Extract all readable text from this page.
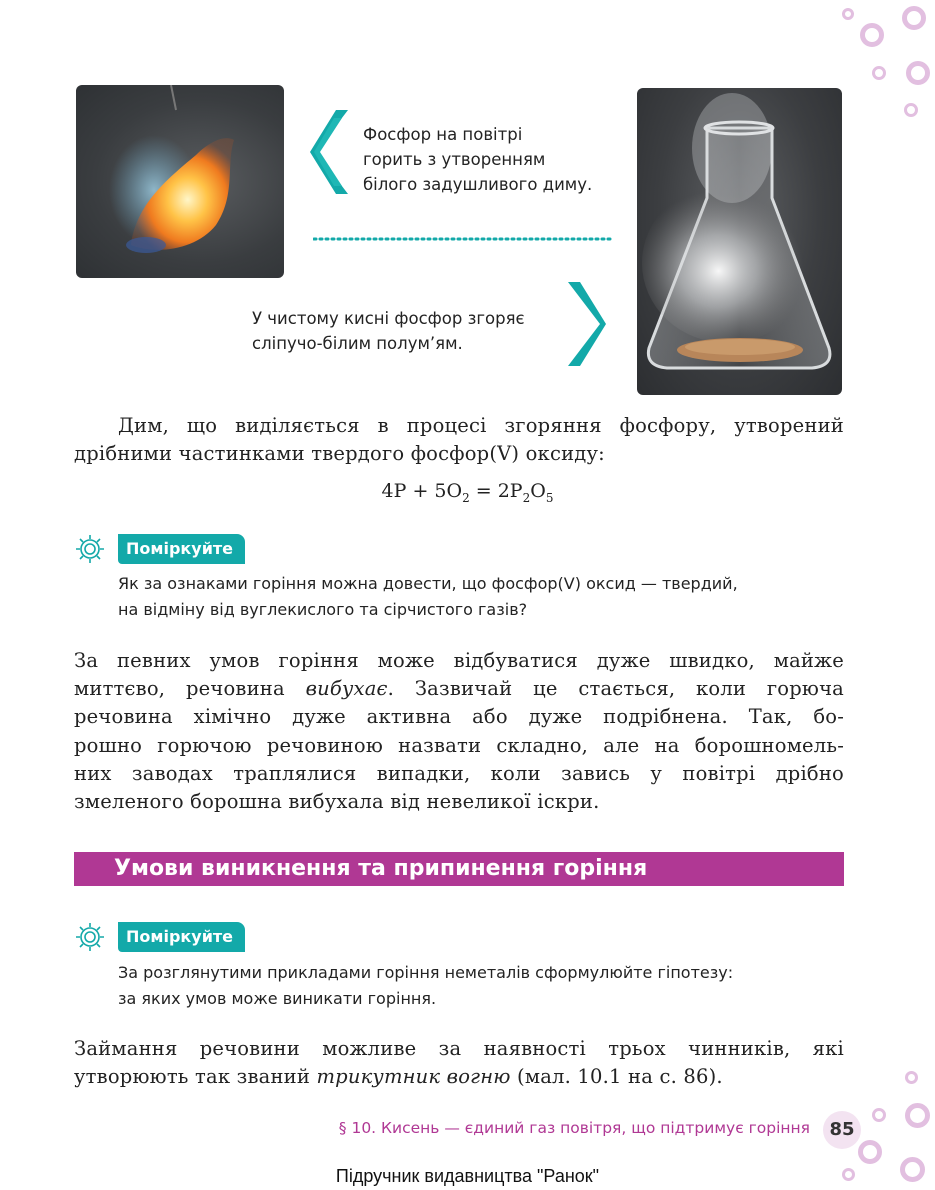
Фосфор на повітрі
горить з утворенням
білого задушливого диму.
У чистому кисні фосфор згоряє
сліпучо-білим полум’ям.
Дим, що виділяється в процесі згоряння фосфору, утворений
дрібними частинками твердого фосфор(V) оксиду:
$4P + 5O_2 = 2P_2O_5$
Поміркуйте
Як за ознаками горіння можна довести, що фосфор(V) оксид — твердий,
на відміну від вуглекислого та сірчистого газів?
За певних умов горіння може відбуватися дуже швидко, майже
миттєво, речовина вибухає. Зазвичай це стається, коли горюча
речовина хімічно дуже активна або дуже подрібнена. Так, бо-
рошно горючою речовиною назвати складно, але на борошномель-
них заводах траплялися випадки, коли завись у повітрі дрібно
змеленого борошна вибухала від невеликої іскри.
Умови виникнення та припинення горіння
Поміркуйте
За розглянутими прикладами горіння неметалів сформулюйте гіпотезу:
за яких умов може виникати горіння.
Займання речовини можливе за наявності трьох чинників, які
утворюють так званий трикутник вогню (мал. 10.1 на с. 86).
§ 10. Кисень — єдиний газ повітря, що підтримує горіння	85
Підручник видавництва "Ранок"
